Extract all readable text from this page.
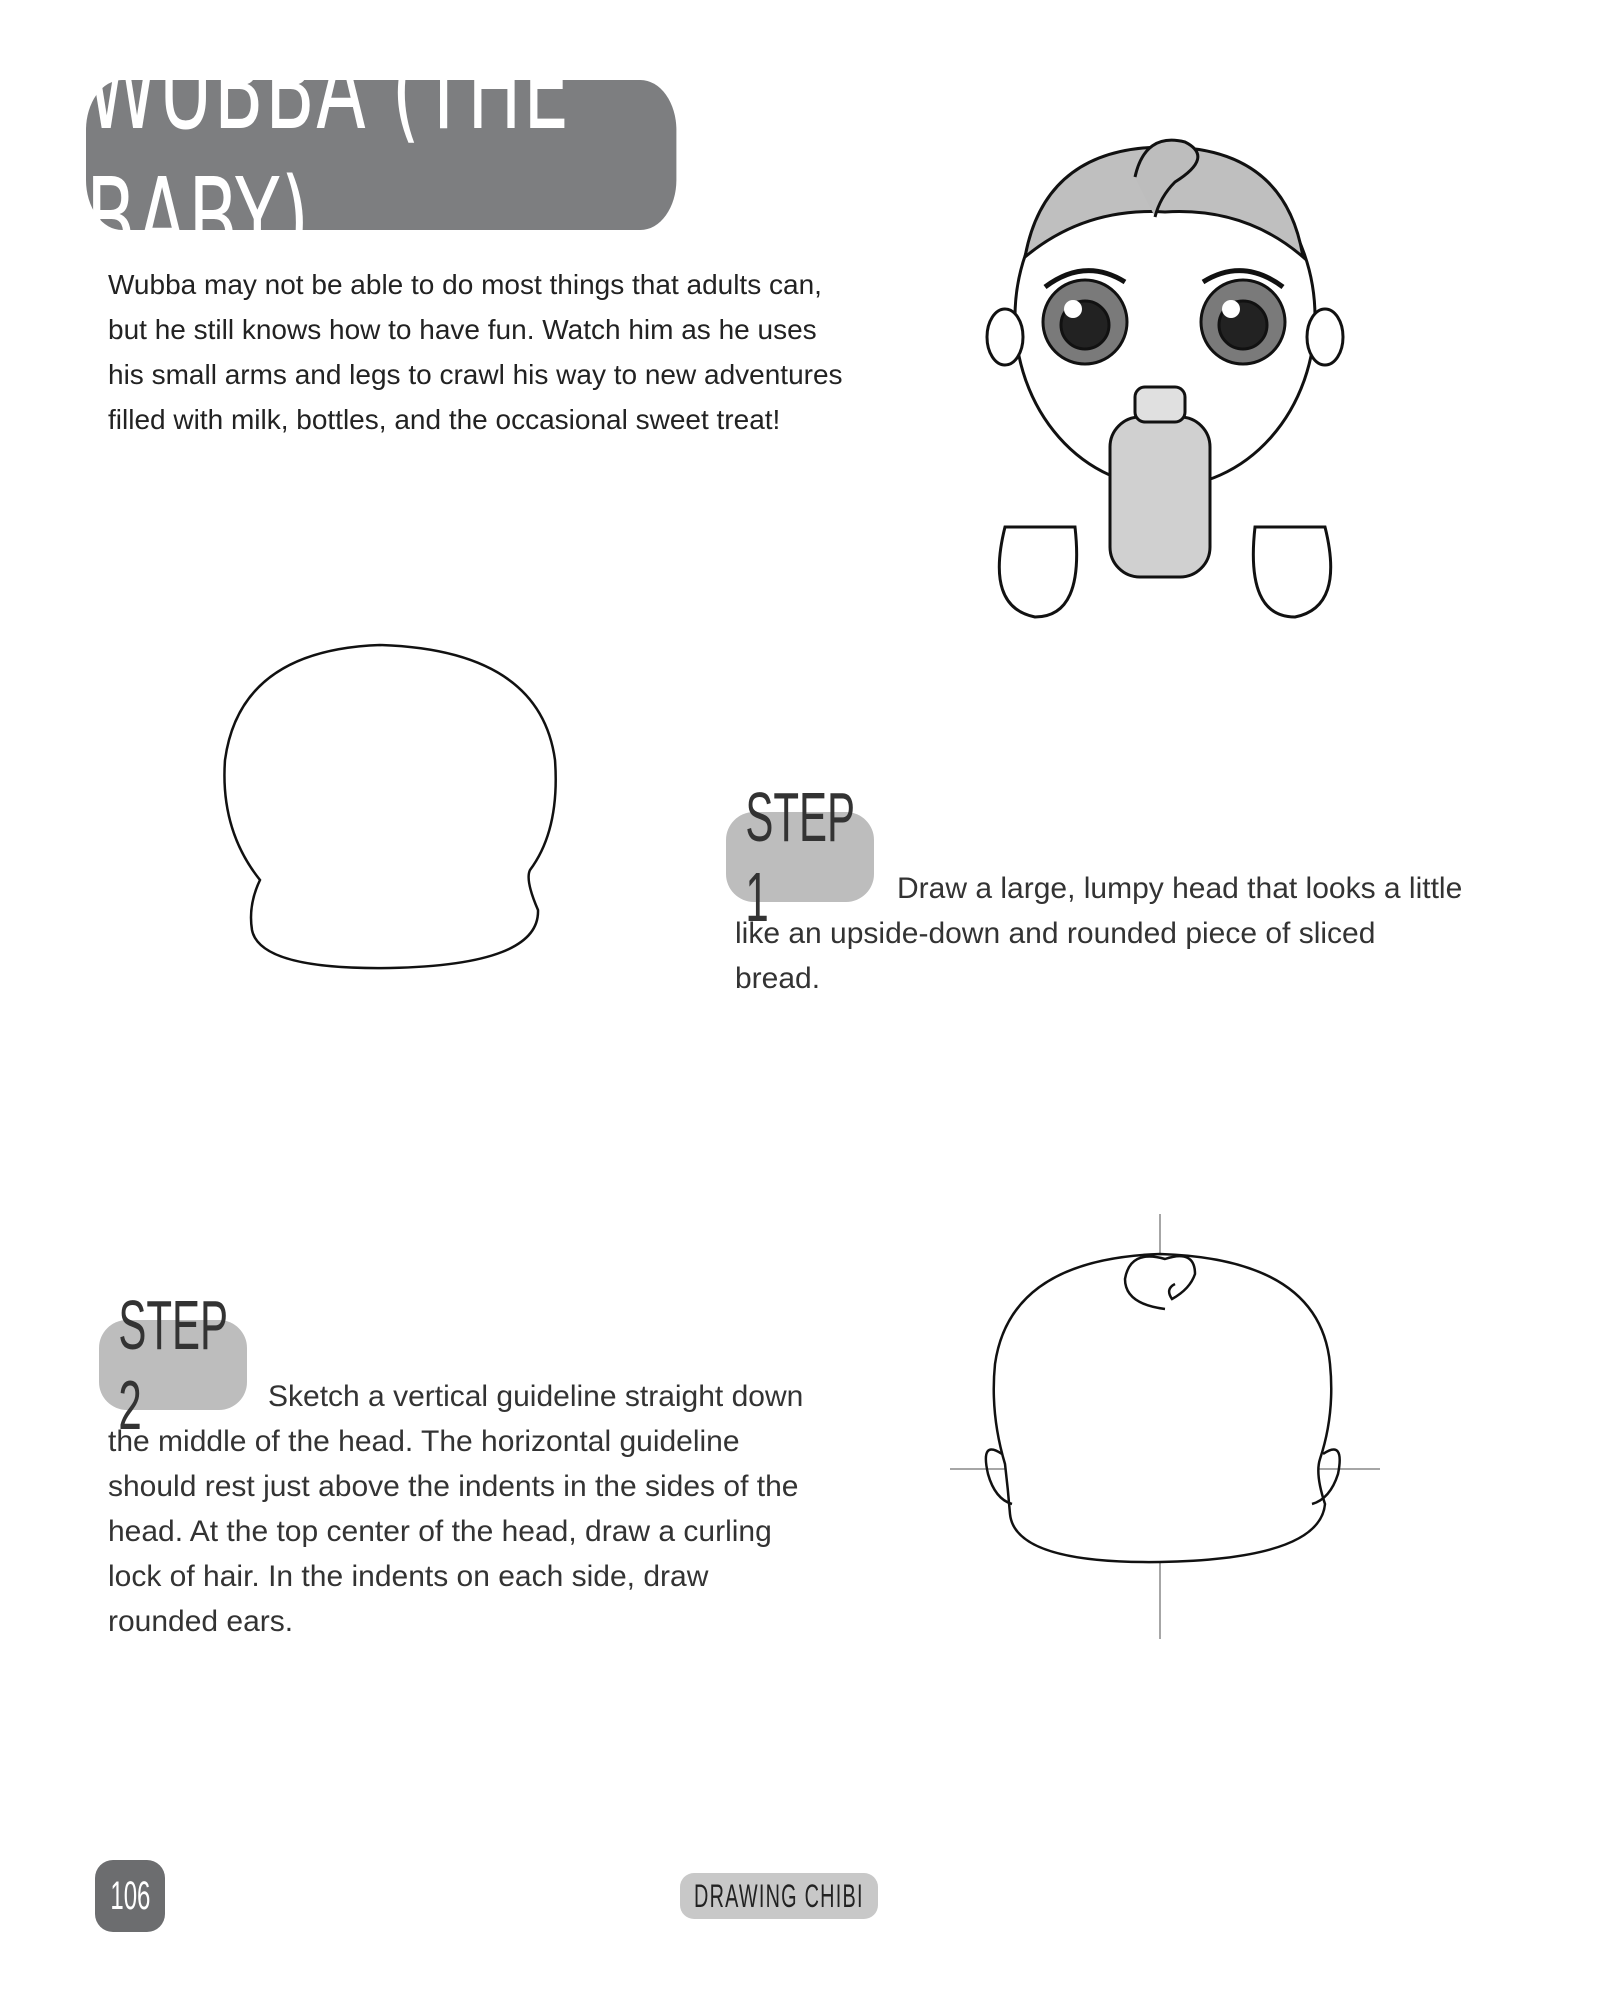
WUBBA (THE BABY)
Wubba may not be able to do most things that adults can, but he still knows how to have fun. Watch him as he uses his small arms and legs to crawl his way to new adventures filled with milk, bottles, and the occasional sweet treat!
STEP 1	Draw a large, lumpy head that looks a little like an upside-down and rounded piece of sliced bread.
STEP 2	Sketch a vertical guideline straight down the middle of the head. The horizontal guideline should rest just above the indents in the sides of the head. At the top center of the head, draw a curling lock of hair. In the indents on each side, draw rounded ears.
106	DRAWING CHIBI
